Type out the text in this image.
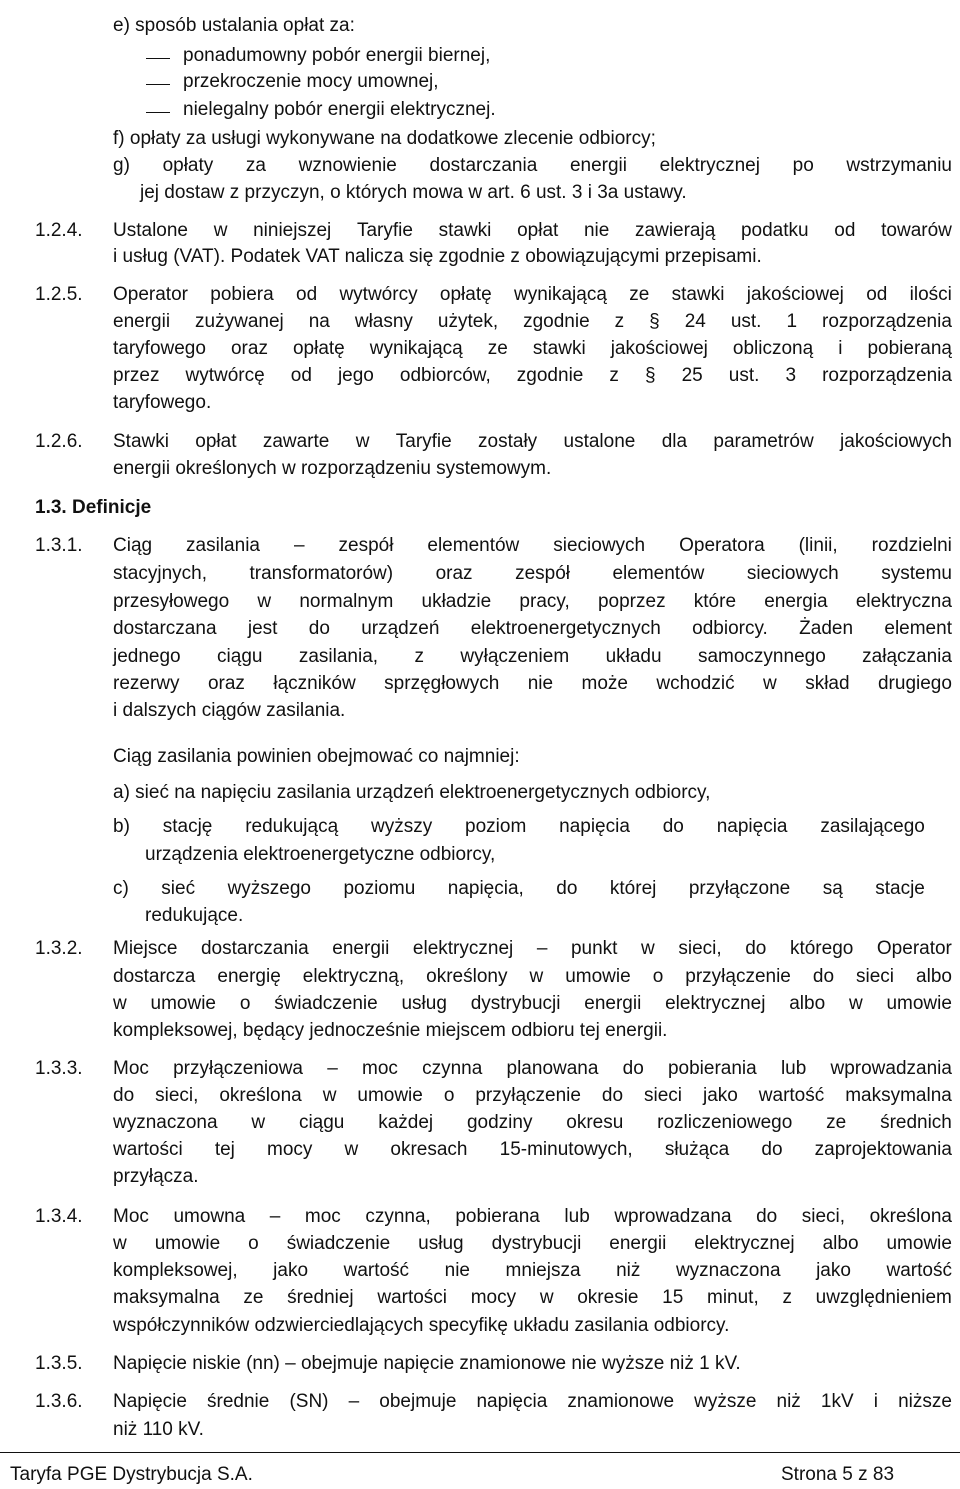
e) sposób ustalania opłat za:
ponadumowny pobór energii biernej,
przekroczenie mocy umownej,
nielegalny pobór energii elektrycznej.
f) opłaty za usługi wykonywane na dodatkowe zlecenie odbiorcy;
g) opłaty za wznowienie dostarczania energii elektrycznej po wstrzymaniu
jej dostaw z przyczyn, o których mowa w art. 6 ust. 3 i 3a ustawy.
1.2.4. Ustalone w niniejszej Taryfie stawki opłat nie zawierają podatku od towarów
i usług (VAT). Podatek VAT nalicza się zgodnie z obowiązującymi przepisami.
1.2.5. Operator pobiera od wytwórcy opłatę wynikającą ze stawki jakościowej od ilości
energii zużywanej na własny użytek, zgodnie z § 24 ust. 1 rozporządzenia
taryfowego oraz opłatę wynikającą ze stawki jakościowej obliczoną i pobieraną
przez wytwórcę od jego odbiorców, zgodnie z § 25 ust. 3 rozporządzenia
taryfowego.
1.2.6. Stawki opłat zawarte w Taryfie zostały ustalone dla parametrów jakościowych
energii określonych w rozporządzeniu systemowym.
1.3. Definicje
1.3.1. Ciąg zasilania – zespół elementów sieciowych Operatora (linii, rozdzielni
stacyjnych, transformatorów) oraz zespół elementów sieciowych systemu
przesyłowego w normalnym układzie pracy, poprzez które energia elektryczna
dostarczana jest do urządzeń elektroenergetycznych odbiorcy. Żaden element
jednego ciągu zasilania, z wyłączeniem układu samoczynnego załączania
rezerwy oraz łączników sprzęgłowych nie może wchodzić w skład drugiego
i dalszych ciągów zasilania.
Ciąg zasilania powinien obejmować co najmniej:
a) sieć na napięciu zasilania urządzeń elektroenergetycznych odbiorcy,
b) stację redukującą wyższy poziom napięcia do napięcia zasilającego
urządzenia elektroenergetyczne odbiorcy,
c) sieć wyższego poziomu napięcia, do której przyłączone są stacje
redukujące.
1.3.2. Miejsce dostarczania energii elektrycznej – punkt w sieci, do którego Operator
dostarcza energię elektryczną, określony w umowie o przyłączenie do sieci albo
w umowie o świadczenie usług dystrybucji energii elektrycznej albo w umowie
kompleksowej, będący jednocześnie miejscem odbioru tej energii.
1.3.3. Moc przyłączeniowa – moc czynna planowana do pobierania lub wprowadzania
do sieci, określona w umowie o przyłączenie do sieci jako wartość maksymalna
wyznaczona w ciągu każdej godziny okresu rozliczeniowego ze średnich
wartości tej mocy w okresach 15-minutowych, służąca do zaprojektowania
przyłącza.
1.3.4. Moc umowna – moc czynna, pobierana lub wprowadzana do sieci, określona
w umowie o świadczenie usług dystrybucji energii elektrycznej albo umowie
kompleksowej, jako wartość nie mniejsza niż wyznaczona jako wartość
maksymalna ze średniej wartości mocy w okresie 15 minut, z uwzględnieniem
współczynników odzwierciedlających specyfikę układu zasilania odbiorcy.
1.3.5. Napięcie niskie (nn) – obejmuje napięcie znamionowe nie wyższe niż 1 kV.
1.3.6. Napięcie średnie (SN) – obejmuje napięcia znamionowe wyższe niż 1kV i niższe
niż 110 kV.
Taryfa PGE Dystrybucja S.A.	Strona 5 z 83
